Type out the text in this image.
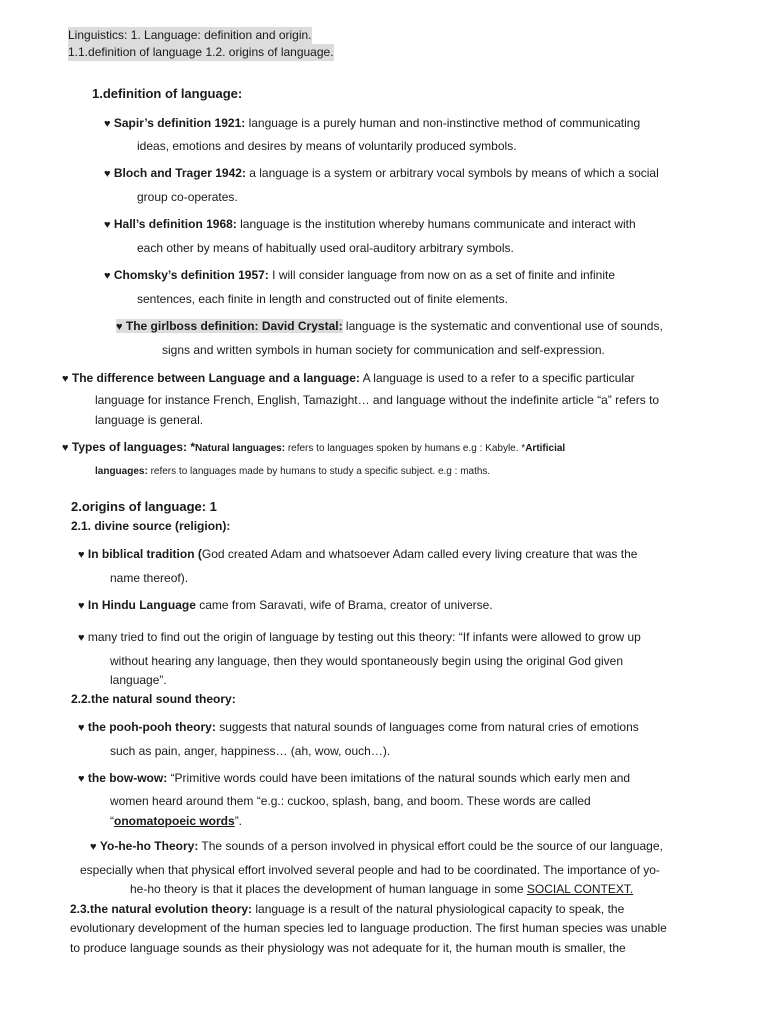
Linguistics: 1. Language: definition and origin.
1.1.definition of language 1.2. origins of language.
1.definition of language:
♥ Sapir’s definition 1921: language is a purely human and non-instinctive method of communicating
ideas, emotions and desires by means of voluntarily produced symbols.
♥ Bloch and Trager 1942: a language is a system or arbitrary vocal symbols by means of which a social
group co-operates.
♥ Hall’s definition 1968: language is the institution whereby humans communicate and interact with
each other by means of habitually used oral-auditory arbitrary symbols.
♥ Chomsky’s definition 1957: I will consider language from now on as a set of finite and infinite
sentences, each finite in length and constructed out of finite elements.
♥ The girlboss definition: David Crystal: language is the systematic and conventional use of sounds,
signs and written symbols in human society for communication and self-expression.
♥ The difference between Language and a language: A language is used to a refer to a specific particular
language for instance French, English, Tamazight… and language without the indefinite article “a” refers to
language is general.
♥ Types of languages: *Natural languages: refers to languages spoken by humans e.g : Kabyle. *Artificial
languages: refers to languages made by humans to study a specific subject. e.g : maths.
2.origins of language: 1
2.1. divine source (religion):
♥ In biblical tradition (God created Adam and whatsoever Adam called every living creature that was the
name thereof).
♥ In Hindu Language came from Saravati, wife of Brama, creator of universe.
♥ many tried to find out the origin of language by testing out this theory: “If infants were allowed to grow up
without hearing any language, then they would spontaneously begin using the original God given
language”.
2.2.the natural sound theory:
♥ the pooh-pooh theory: suggests that natural sounds of languages come from natural cries of emotions
such as pain, anger, happiness… (ah, wow, ouch…).
♥ the bow-wow: “Primitive words could have been imitations of the natural sounds which early men and
women heard around them “e.g.: cuckoo, splash, bang, and boom. These words are called
“onomatopoeic words”.
♥ Yo-he-ho Theory: The sounds of a person involved in physical effort could be the source of our language,
especially when that physical effort involved several people and had to be coordinated. The importance of yo-
he-ho theory is that it places the development of human language in some SOCIAL CONTEXT.
2.3.the natural evolution theory: language is a result of the natural physiological capacity to speak, the
evolutionary development of the human species led to language production. The first human species was unable
to produce language sounds as their physiology was not adequate for it, the human mouth is smaller, the
